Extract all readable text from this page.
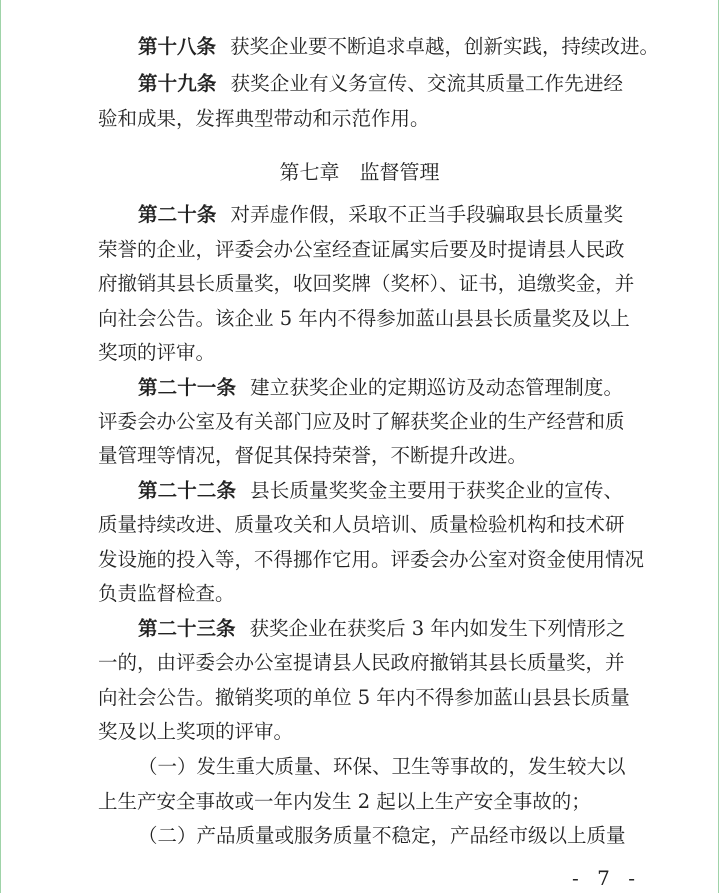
第十八条 获奖企业要不断追求卓越，创新实践，持续改进。
第十九条 获奖企业有义务宣传、交流其质量工作先进经
验和成果，发挥典型带动和示范作用。
第二十条 对弄虚作假，采取不正当手段骗取县长质量奖
荣誉的企业，评委会办公室经查证属实后要及时提请县人民政
府撤销其县长质量奖，收回奖牌（奖杯）、证书，追缴奖金，并
向社会公告。该企业 5 年内不得参加蓝山县县长质量奖及以上
奖项的评审。
第二十一条 建立获奖企业的定期巡访及动态管理制度。
评委会办公室及有关部门应及时了解获奖企业的生产经营和质
量管理等情况，督促其保持荣誉，不断提升改进。
第二十二条 县长质量奖奖金主要用于获奖企业的宣传、
质量持续改进、质量攻关和人员培训、质量检验机构和技术研
发设施的投入等，不得挪作它用。评委会办公室对资金使用情况
负责监督检查。
第二十三条 获奖企业在获奖后 3 年内如发生下列情形之
一的，由评委会办公室提请县人民政府撤销其县长质量奖，并
向社会公告。撤销奖项的单位 5 年内不得参加蓝山县县长质量
奖及以上奖项的评审。
（一）发生重大质量、环保、卫生等事故的，发生较大以
上生产安全事故或一年内发生 2 起以上生产安全事故的；
（二）产品质量或服务质量不稳定，产品经市级以上质量
第七章　监督管理
- 7 -
